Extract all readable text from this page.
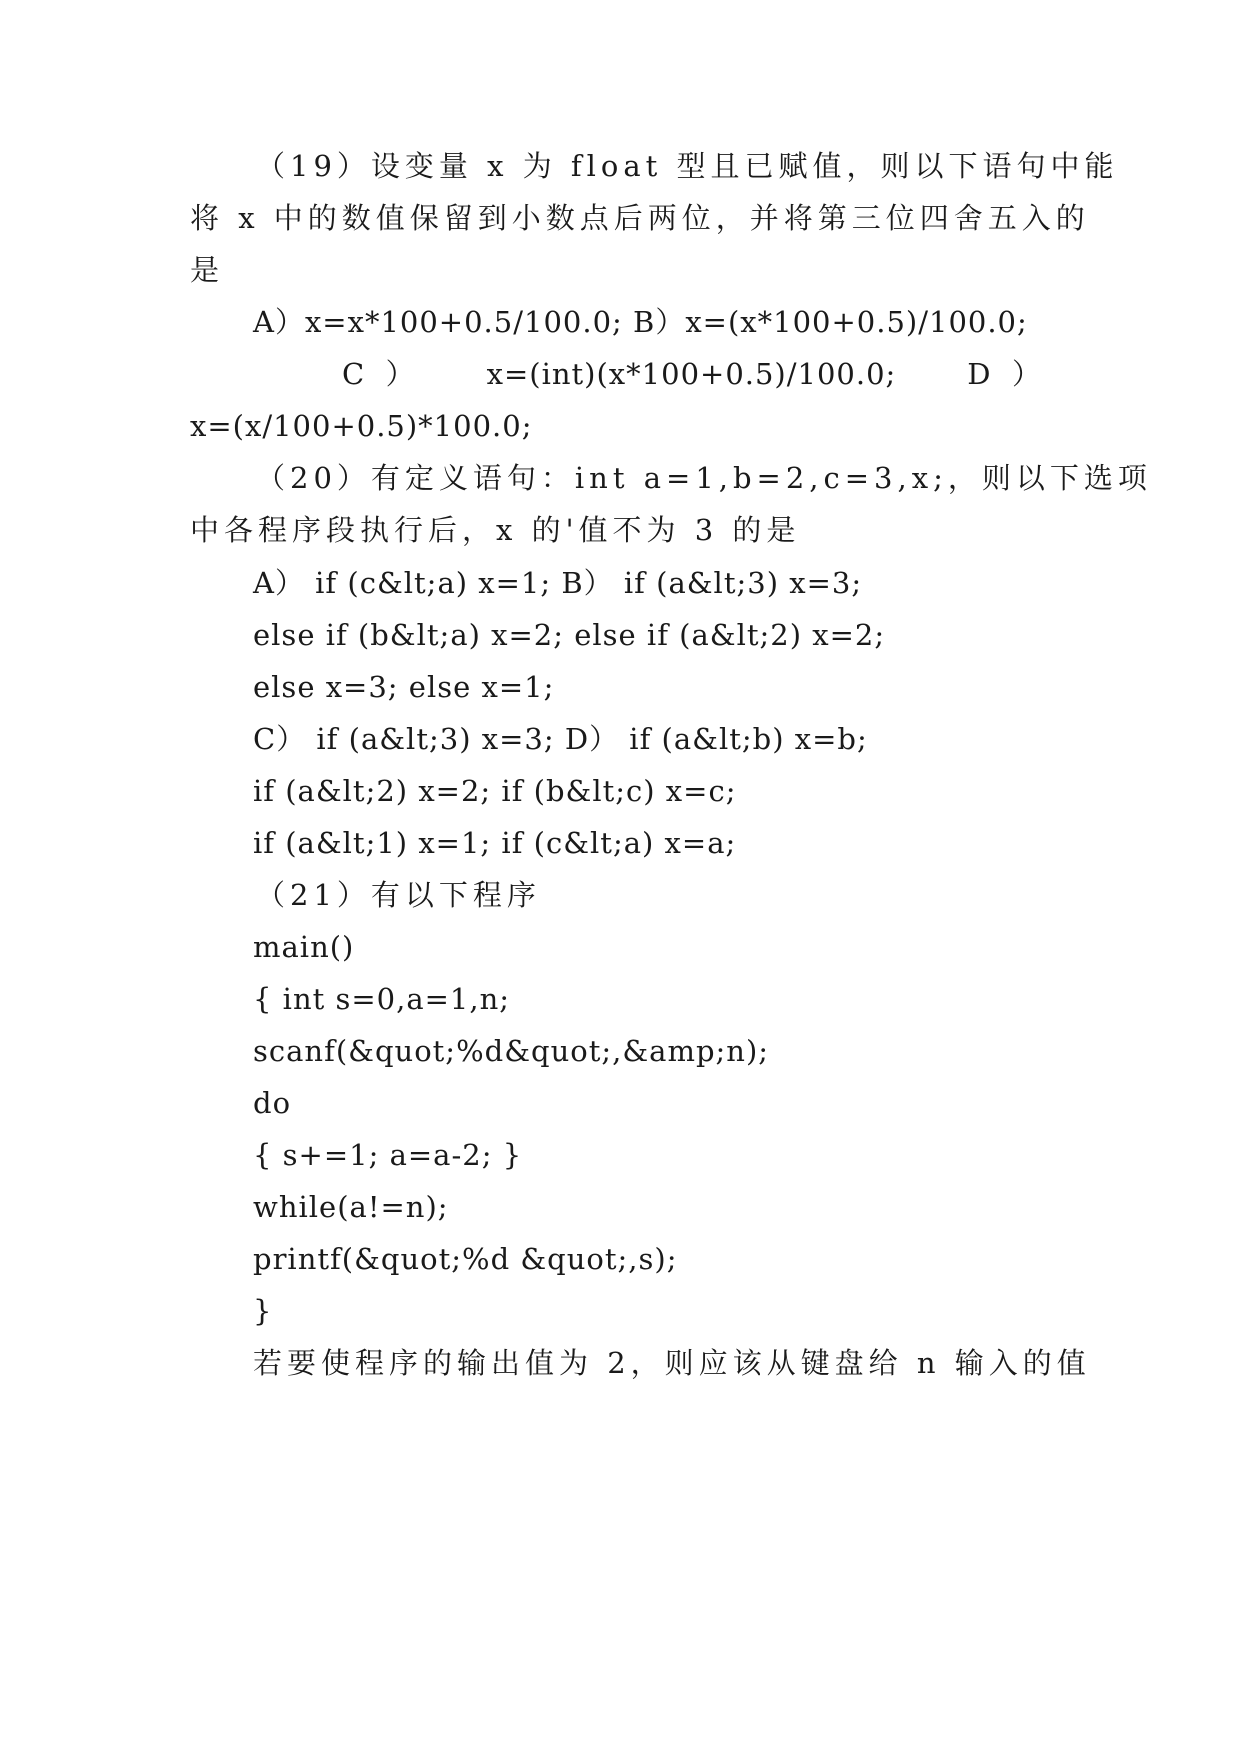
（19）设变量 x 为 float 型且已赋值，则以下语句中能
将 x 中的数值保留到小数点后两位，并将第三位四舍五入的
是
A）x=x*100+0.5/100.0; B）x=(x*100+0.5)/100.0;
C  ） x=(int)(x*100+0.5)/100.0; D  ）
x=(x/100+0.5)*100.0;
（20）有定义语句：int a=1,b=2,c=3,x;，则以下选项
中各程序段执行后，x 的'值不为 3 的是
A） if (c&lt;a) x=1; B） if (a&lt;3) x=3;
else if (b&lt;a) x=2; else if (a&lt;2) x=2;
else x=3; else x=1;
C） if (a&lt;3) x=3; D） if (a&lt;b) x=b;
if (a&lt;2) x=2; if (b&lt;c) x=c;
if (a&lt;1) x=1; if (c&lt;a) x=a;
（21）有以下程序
main()
{ int s=0,a=1,n;
scanf(&quot;%d&quot;,&amp;n);
do
{ s+=1; a=a-2; }
while(a!=n);
printf(&quot;%d &quot;,s);
}
若要使程序的输出值为 2，则应该从键盘给 n 输入的值
